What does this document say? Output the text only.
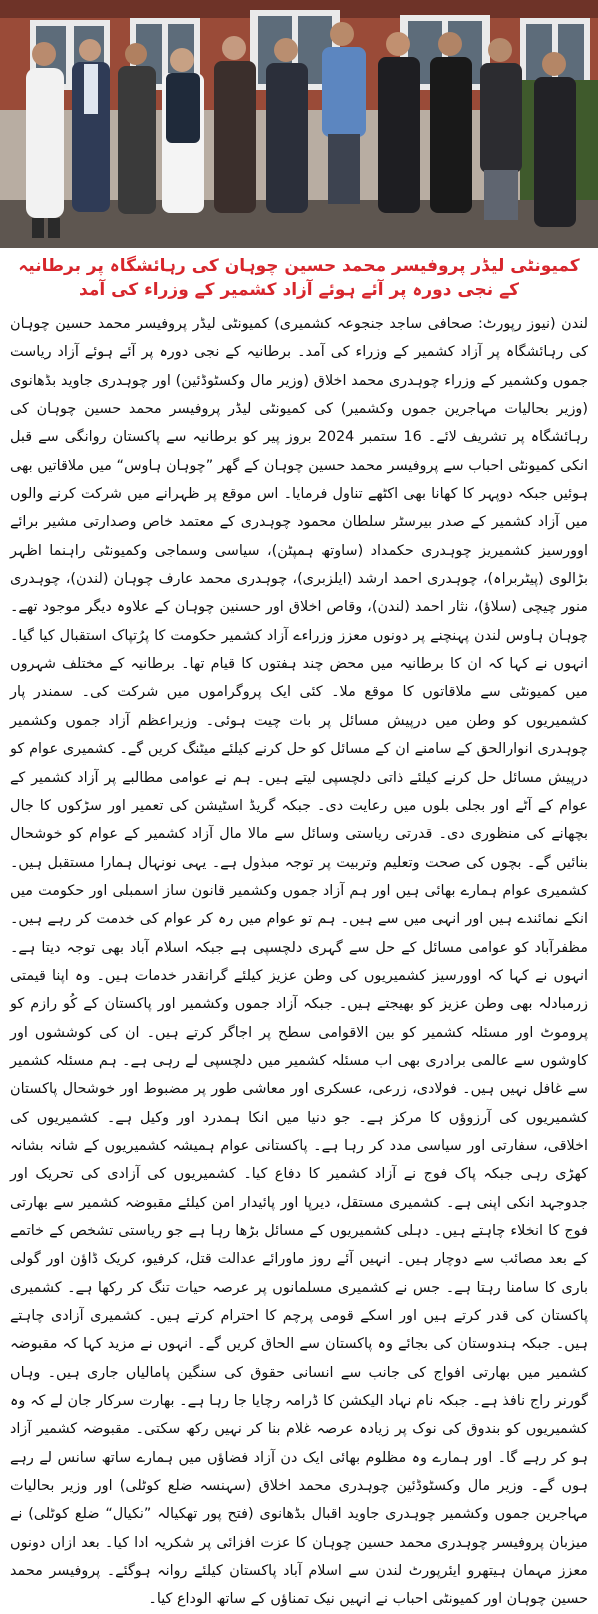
کمیونٹی لیڈر پروفیسر محمد حسین چوہان کی رہائشگاہ پر برطانیہ کے نجی دورہ پر آئے ہوئے آزاد کشمیر کے وزراء کی آمد

لندن (نیوز رپورٹ: صحافی ساجد جنجوعہ کشمیری) کمیونٹی لیڈر پروفیسر محمد حسین چوہان کی رہائشگاہ پر آزاد کشمیر کے وزراء کی آمد۔ برطانیہ کے نجی دورہ پر آئے ہوئے آزاد ریاست جموں وکشمیر کے وزراء چوہدری محمد اخلاق (وزیر مال وکسٹوڈئین) اور چوہدری جاوید بڈھانوی (وزیر بحالیات مہاجرین جموں وکشمیر) کی کمیونٹی لیڈر پروفیسر محمد حسین چوہان کی رہائشگاہ پر تشریف لائے۔ 16 ستمبر 2024 بروز پیر کو برطانیہ سے پاکستان روانگی سے قبل انکی کمیونٹی احباب سے پروفیسر محمد حسین چوہان کے گھر ”چوہان ہاوس“ میں ملاقاتیں بھی ہوئیں جبکہ دوپہر کا کھانا بھی اکٹھے تناول فرمایا۔ اس موقع پر ظہرانے میں شرکت کرنے والوں میں آزاد کشمیر کے صدر بیرسٹر سلطان محمود چوہدری کے معتمد خاص وصدارتی مشیر برائے اوورسیز کشمیریز چوہدری حکمداد (ساوتھ ہمپٹن)، سیاسی وسماجی وکمیونٹی راہنما اظہر بڑالوی (پیٹربراہ)، چوہدری احمد ارشد (ایلزبری)، چوہدری محمد عارف چوہان (لندن)، چوہدری منور چیچی (سلاؤ)، نثار احمد (لندن)، وقاص اخلاق اور حسنین چوہان کے علاوہ دیگر موجود تھے۔ چوہان ہاوس لندن پہنچنے پر دونوں معزز وزراءے آزاد کشمیر حکومت کا پرُتپاک استقبال کیا گیا۔ انہوں نے کہا کہ ان کا برطانیہ میں محض چند ہفتوں کا قیام تھا۔ برطانیہ کے مختلف شہروں میں کمیونٹی سے ملاقاتوں کا موقع ملا۔ کئی ایک پروگراموں میں شرکت کی۔ سمندر پار کشمیریوں کو وطن میں درپیش مسائل پر بات چیت ہوئی۔ وزیراعظم آزاد جموں وکشمیر چوہدری انوارالحق کے سامنے ان کے مسائل کو حل کرنے کیلئے میٹنگ کریں گے۔ کشمیری عوام کو درپیش مسائل حل کرنے کیلئے ذاتی دلچسپی لیتے ہیں۔ ہم نے عوامی مطالبے پر آزاد کشمیر کے عوام کے آٹے اور بجلی بلوں میں رعایت دی۔ جبکہ گریڈ اسٹیشن کی تعمیر اور سڑکوں کا جال بچھانے کی منظوری دی۔ قدرتی ریاستی وسائل سے مالا مال آزاد کشمیر کے عوام کو خوشحال بنائیں گے۔ بچوں کی صحت وتعلیم وتربیت پر توجہ مبذول ہے۔ یہی نونہال ہمارا مستقبل ہیں۔ کشمیری عوام ہمارے بھائی ہیں اور ہم آزاد جموں وکشمیر قانون ساز اسمبلی اور حکومت میں انکے نمائندے ہیں اور انہی میں سے ہیں۔ ہم تو عوام میں رہ کر عوام کی خدمت کر رہے ہیں۔ مظفرآباد کو عوامی مسائل کے حل سے گہری دلچسپی ہے جبکہ اسلام آباد بھی توجہ دیتا ہے۔ انہوں نے کہا کہ اوورسیز کشمیریوں کی وطن عزیز کیلئے گرانقدر خدمات ہیں۔ وہ اپنا قیمتی زرمبادلہ بھی وطن عزیز کو بھیجتے ہیں۔ جبکہ آزاد جموں وکشمیر اور پاکستان کے کُو رازم کو پروموٹ اور مسئلہ کشمیر کو بین الاقوامی سطح پر اجاگر کرتے ہیں۔ ان کی کوششوں اور کاوشوں سے عالمی برادری بھی اب مسئلہ کشمیر میں دلچسپی لے رہی ہے۔ ہم مسئلہ کشمیر سے غافل نہیں ہیں۔ فولادی، زرعی، عسکری اور معاشی طور پر مضبوط اور خوشحال پاکستان کشمیریوں کی آرزوؤں کا مرکز ہے۔ جو دنیا میں انکا ہمدرد اور وکیل ہے۔ کشمیریوں کی اخلاقی، سفارتی اور سیاسی مدد کر رہا ہے۔ پاکستانی عوام ہمیشہ کشمیریوں کے شانہ بشانہ کھڑی رہی جبکہ پاک فوج نے آزاد کشمیر کا دفاع کیا۔ کشمیریوں کی آزادی کی تحریک اور جدوجہد انکی اپنی ہے۔ کشمیری مستقل، دیرپا اور پائیدار امن کیلئے مقبوضہ کشمیر سے بھارتی فوج کا انخلاء چاہتے ہیں۔ دہلی کشمیریوں کے مسائل بڑھا رہا ہے جو ریاستی تشخص کے خاتمے کے بعد مصائب سے دوچار ہیں۔ انہیں آئے روز ماورائے عدالت قتل، کرفیو، کریک ڈاؤن اور گولی باری کا سامنا رہتا ہے۔ جس نے کشمیری مسلمانوں پر عرصہ حیات تنگ کر رکھا ہے۔ کشمیری پاکستان کی قدر کرتے ہیں اور اسکے قومی پرچم کا احترام کرتے ہیں۔ کشمیری آزادی چاہتے ہیں۔ جبکہ ہندوستان کی بجائے وہ پاکستان سے الحاق کریں گے۔ انہوں نے مزید کہا کہ مقبوضہ کشمیر میں بھارتی افواج کی جانب سے انسانی حقوق کی سنگین پامالیاں جاری ہیں۔ وہاں گورنر راج نافذ ہے۔ جبکہ نام نہاد الیکشن کا ڈرامہ رچایا جا رہا ہے۔ بھارت سرکار جان لے کہ وہ کشمیریوں کو بندوق کی نوک پر زیادہ عرصہ غلام بنا کر نہیں رکھ سکتی۔ مقبوضہ کشمیر آزاد ہو کر رہے گا۔ اور ہمارے وہ مظلوم بھائی ایک دن آزاد فضاؤں میں ہمارے ساتھ سانس لے رہے ہوں گے۔ وزیر مال وکسٹوڈئین چوہدری محمد اخلاق (سہنسہ ضلع کوٹلی) اور وزیر بحالیات مہاجرین جموں وکشمیر چوہدری جاوید اقبال بڈھانوی (فتح پور تھکیالہ ”نکیال“ ضلع کوٹلی) نے میزبان پروفیسر چوہدری محمد حسین چوہان کا عزت افزائی پر شکریہ ادا کیا۔ بعد ازاں دونوں معزز مہمان ہیتھرو ایئرپورٹ لندن سے اسلام آباد پاکستان کیلئے روانہ ہوگئے۔ پروفیسر محمد حسین چوہان اور کمیونٹی احباب نے انہیں نیک تمناؤں کے ساتھ الوداع کیا۔
